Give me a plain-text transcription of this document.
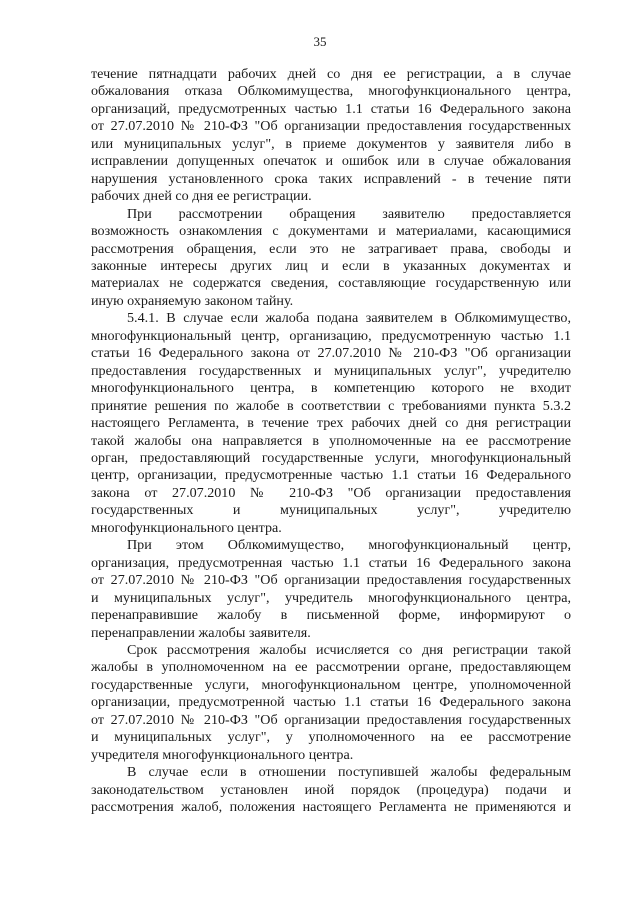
35
течение пятнадцати рабочих дней со дня ее регистрации, а в случае
обжалования отказа Облкомимущества, многофункционального центра,
организаций, предусмотренных частью 1.1 статьи 16 Федерального закона
от 27.07.2010 № 210-ФЗ "Об организации предоставления государственных
или муниципальных услуг", в приеме документов у заявителя либо в
исправлении допущенных опечаток и ошибок или в случае обжалования
нарушения установленного срока таких исправлений - в течение пяти
рабочих дней со дня ее регистрации.
При рассмотрении обращения заявителю предоставляется
возможность ознакомления с документами и материалами, касающимися
рассмотрения обращения, если это не затрагивает права, свободы и
законные интересы других лиц и если в указанных документах и
материалах не содержатся сведения, составляющие государственную или
иную охраняемую законом тайну.
5.4.1. В случае если жалоба подана заявителем в Облкомимущество,
многофункциональный центр, организацию, предусмотренную частью 1.1
статьи 16 Федерального закона от 27.07.2010 № 210-ФЗ "Об организации
предоставления государственных и муниципальных услуг", учредителю
многофункционального центра, в компетенцию которого не входит
принятие решения по жалобе в соответствии с требованиями пункта 5.3.2
настоящего Регламента, в течение трех рабочих дней со дня регистрации
такой жалобы она направляется в уполномоченные на ее рассмотрение
орган, предоставляющий государственные услуги, многофункциональный
центр, организации, предусмотренные частью 1.1 статьи 16 Федерального
закона от 27.07.2010 № 210-ФЗ "Об организации предоставления
государственных и муниципальных услуг", учредителю
многофункционального центра.
При этом Облкомимущество, многофункциональный центр,
организация, предусмотренная частью 1.1 статьи 16 Федерального закона
от 27.07.2010 № 210-ФЗ "Об организации предоставления государственных
и муниципальных услуг", учредитель многофункционального центра,
перенаправившие жалобу в письменной форме, информируют о
перенаправлении жалобы заявителя.
Срок рассмотрения жалобы исчисляется со дня регистрации такой
жалобы в уполномоченном на ее рассмотрении органе, предоставляющем
государственные услуги, многофункциональном центре, уполномоченной
организации, предусмотренной частью 1.1 статьи 16 Федерального закона
от 27.07.2010 № 210-ФЗ "Об организации предоставления государственных
и муниципальных услуг", у уполномоченного на ее рассмотрение
учредителя многофункционального центра.
В случае если в отношении поступившей жалобы федеральным
законодательством установлен иной порядок (процедура) подачи и
рассмотрения жалоб, положения настоящего Регламента не применяются и
